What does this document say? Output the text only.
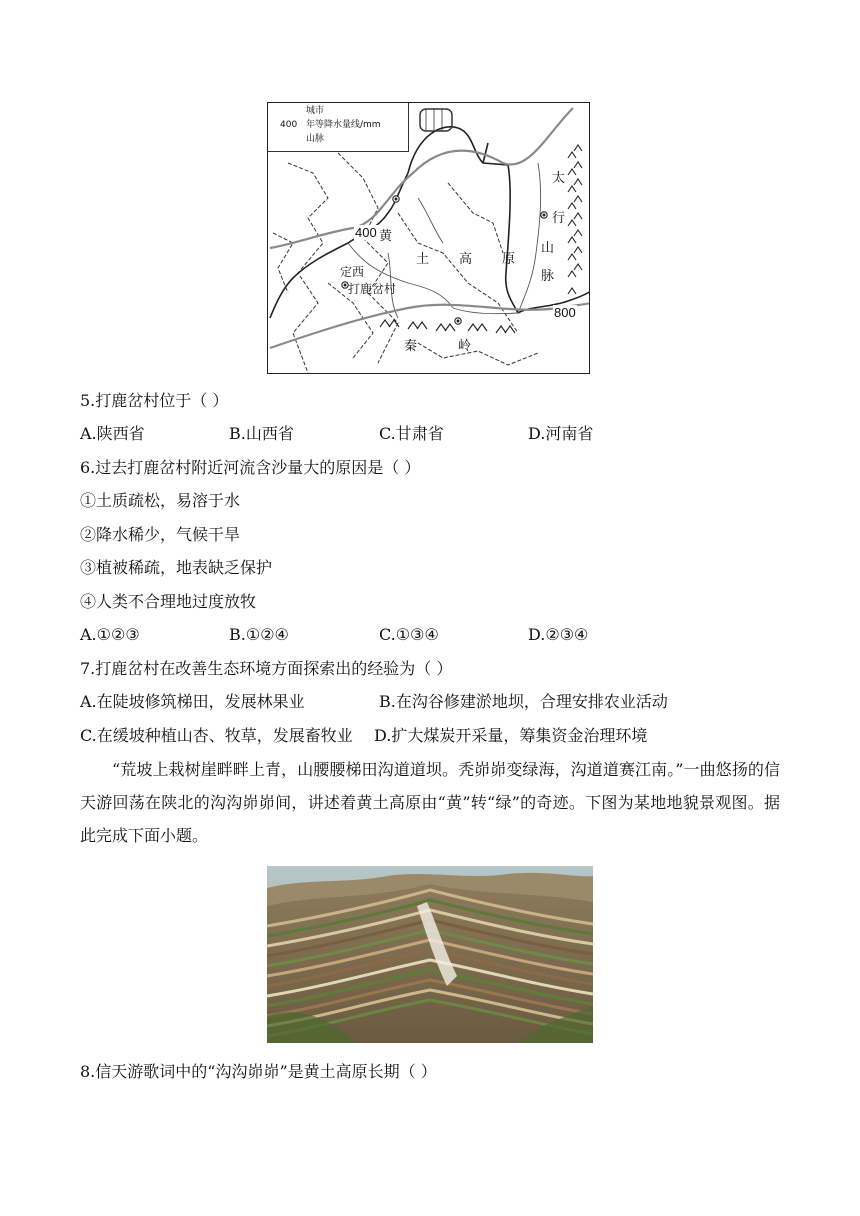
城市
年等降水量线/mm
400
山脉
黄
土 高 原
太
行
山
脉
秦	岭
定西
打鹿岔村
400
800
5.打鹿岔村位于（ ）
A.陕西省	B.山西省	C.甘肃省	D.河南省
6.过去打鹿岔村附近河流含沙量大的原因是（ ）
①土质疏松，易溶于水
②降水稀少，气候干旱
③植被稀疏，地表缺乏保护
④人类不合理地过度放牧
A.①②③	B.①②④	C.①③④	D.②③④
7.打鹿岔村在改善生态环境方面探索出的经验为（ ）
A.在陡坡修筑梯田，发展林果业	B.在沟谷修建淤地坝，合理安排农业活动
C.在缓坡种植山杏、牧草，发展畜牧业 D.扩大煤炭开采量，筹集资金治理环境
“荒坡上栽树崖畔畔上青，山腰腰梯田沟道道坝。秃峁峁变绿海，沟道道赛江南。”一曲悠扬的信天游回荡在陕北的沟沟峁峁间，讲述着黄土高原由“黄”转“绿”的奇迹。下图为某地地貌景观图。据此完成下面小题。
8.信天游歌词中的“沟沟峁峁”是黄土高原长期（ ）
